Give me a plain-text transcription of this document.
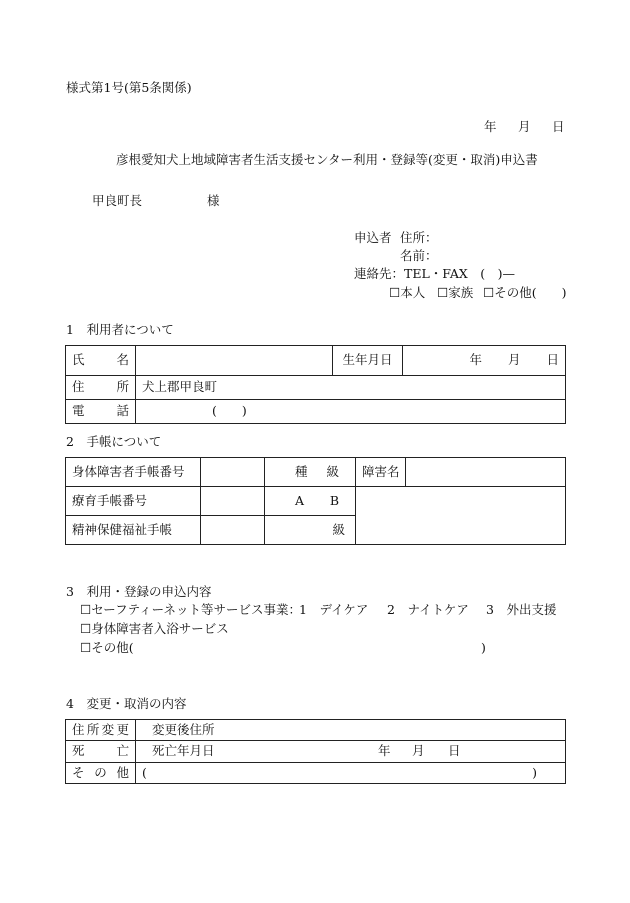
様式第1号(第5条関係)
年 月 日
彦根愛知犬上地域障害者生活支援センター利用・登録等(変更・取消)申込書
甲良町長	様
申込者 住所：
名前：
連絡先：TEL・FAX　(　)—
☐本人 ☐家族 ☐その他(　　)
1　利用者について
氏 名		生年月日	年 月 日

住 所	犬上郡甲良町		

電 話	(　　)		
2　手帳について
身体障害者手帳番号		種 級	障害名	
療育手帳番号		A B		

精神保健福祉手帳		級		
3　利用・登録の申込内容
☐セーフティーネット等サービス事業：
1　デイケア 2　ナイトケア 3　外出支援
☐身体障害者入浴サービス
☐その他(	)
4　変更・取消の内容
住 所 変 更	変更後住所

死 亡	死亡年月日 年 月 日

そ の 他	( )
